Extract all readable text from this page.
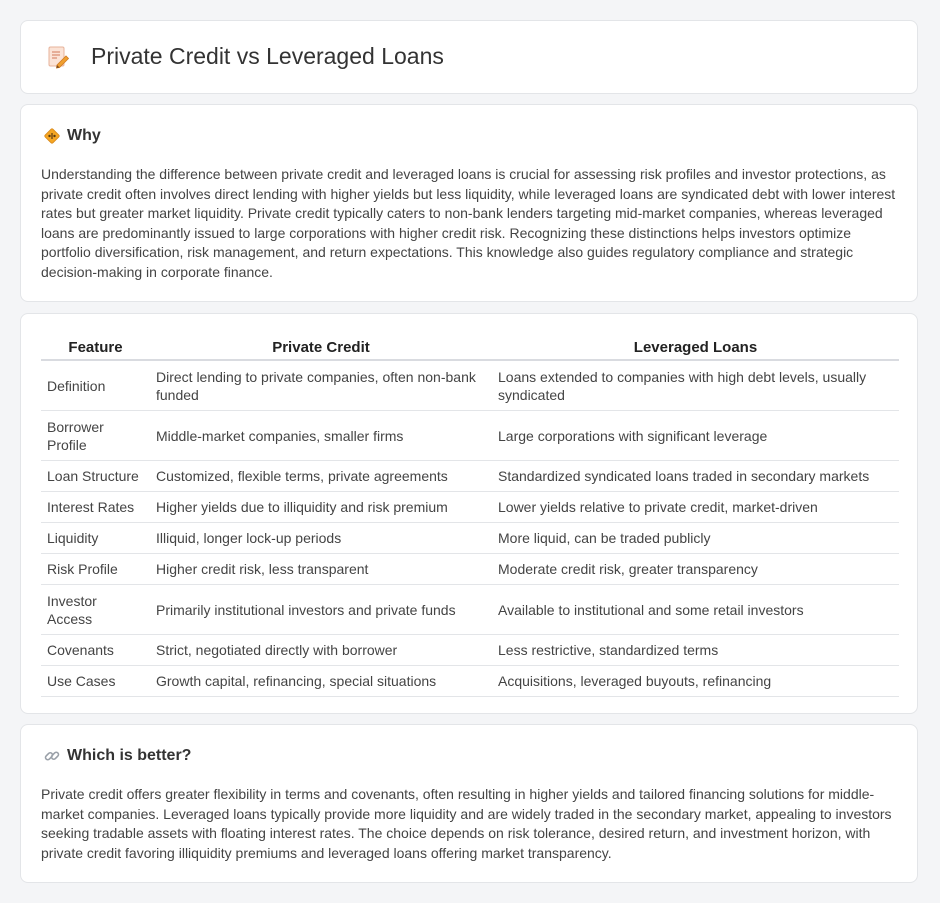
Private Credit vs Leveraged Loans
Why

Understanding the difference between private credit and leveraged loans is crucial for assessing risk profiles and investor protections, as private credit often involves direct lending with higher yields but less liquidity, while leveraged loans are syndicated debt with lower interest rates but greater market liquidity. Private credit typically caters to non-bank lenders targeting mid-market companies, whereas leveraged loans are predominantly issued to large corporations with higher credit risk. Recognizing these distinctions helps investors optimize portfolio diversification, risk management, and return expectations. This knowledge also guides regulatory compliance and strategic decision-making in corporate finance.

Feature	Private Credit	Leveraged Loans
Definition	Direct lending to private companies, often non-bank funded	Loans extended to companies with high debt levels, usually syndicated
Borrower Profile	Middle-market companies, smaller firms	Large corporations with significant leverage
Loan Structure	Customized, flexible terms, private agreements	Standardized syndicated loans traded in secondary markets
Interest Rates	Higher yields due to illiquidity and risk premium	Lower yields relative to private credit, market-driven
Liquidity	Illiquid, longer lock-up periods	More liquid, can be traded publicly
Risk Profile	Higher credit risk, less transparent	Moderate credit risk, greater transparency
Investor Access	Primarily institutional investors and private funds	Available to institutional and some retail investors
Covenants	Strict, negotiated directly with borrower	Less restrictive, standardized terms
Use Cases	Growth capital, refinancing, special situations	Acquisitions, leveraged buyouts, refinancing
Which is better?

Private credit offers greater flexibility in terms and covenants, often resulting in higher yields and tailored financing solutions for middle-market companies. Leveraged loans typically provide more liquidity and are widely traded in the secondary market, appealing to investors seeking tradable assets with floating interest rates. The choice depends on risk tolerance, desired return, and investment horizon, with private credit favoring illiquidity premiums and leveraged loans offering market transparency.
